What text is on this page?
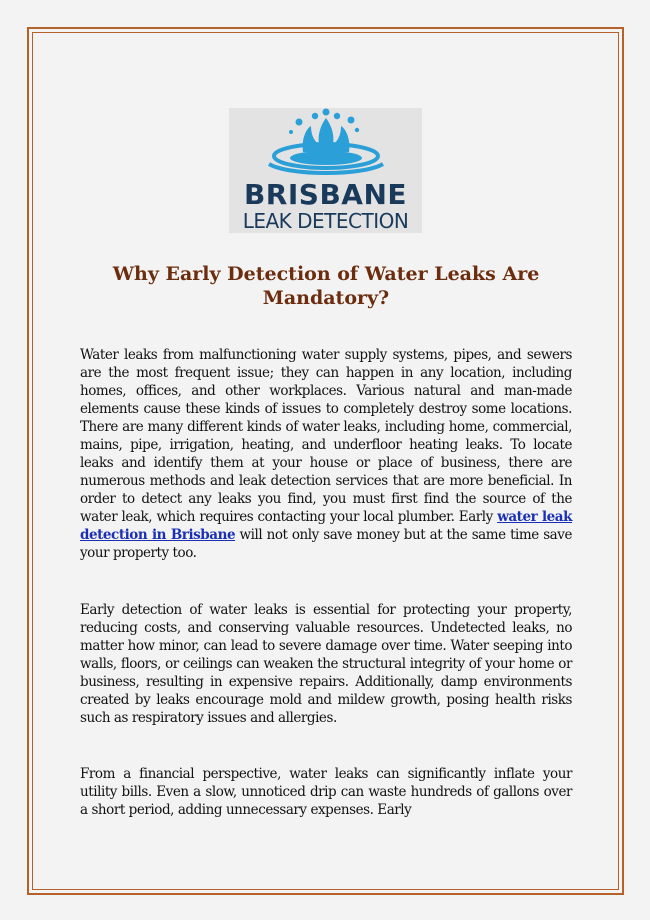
BRISBANE
LEAK DETECTION
Why Early Detection of Water Leaks Are Mandatory?

Water leaks from malfunctioning water supply systems, pipes, and sewers are the most frequent issue; they can happen in any location, including homes, offices, and other workplaces. Various natural and man-made elements cause these kinds of issues to completely destroy some locations. There are many different kinds of water leaks, including home, commercial, mains, pipe, irrigation, heating, and underfloor heating leaks. To locate leaks and identify them at your house or place of business, there are numerous methods and leak detection services that are more beneficial. In order to detect any leaks you find, you must first find the source of the water leak, which requires contacting your local plumber. Early water leak detection in Brisbane will not only save money but at the same time save your property too.

Early detection of water leaks is essential for protecting your property, reducing costs, and conserving valuable resources. Undetected leaks, no matter how minor, can lead to severe damage over time. Water seeping into walls, floors, or ceilings can weaken the structural integrity of your home or business, resulting in expensive repairs. Additionally, damp environments created by leaks encourage mold and mildew growth, posing health risks such as respiratory issues and allergies.

From a financial perspective, water leaks can significantly inflate your utility bills. Even a slow, unnoticed drip can waste hundreds of gallons over a short period, adding unnecessary expenses. Early
